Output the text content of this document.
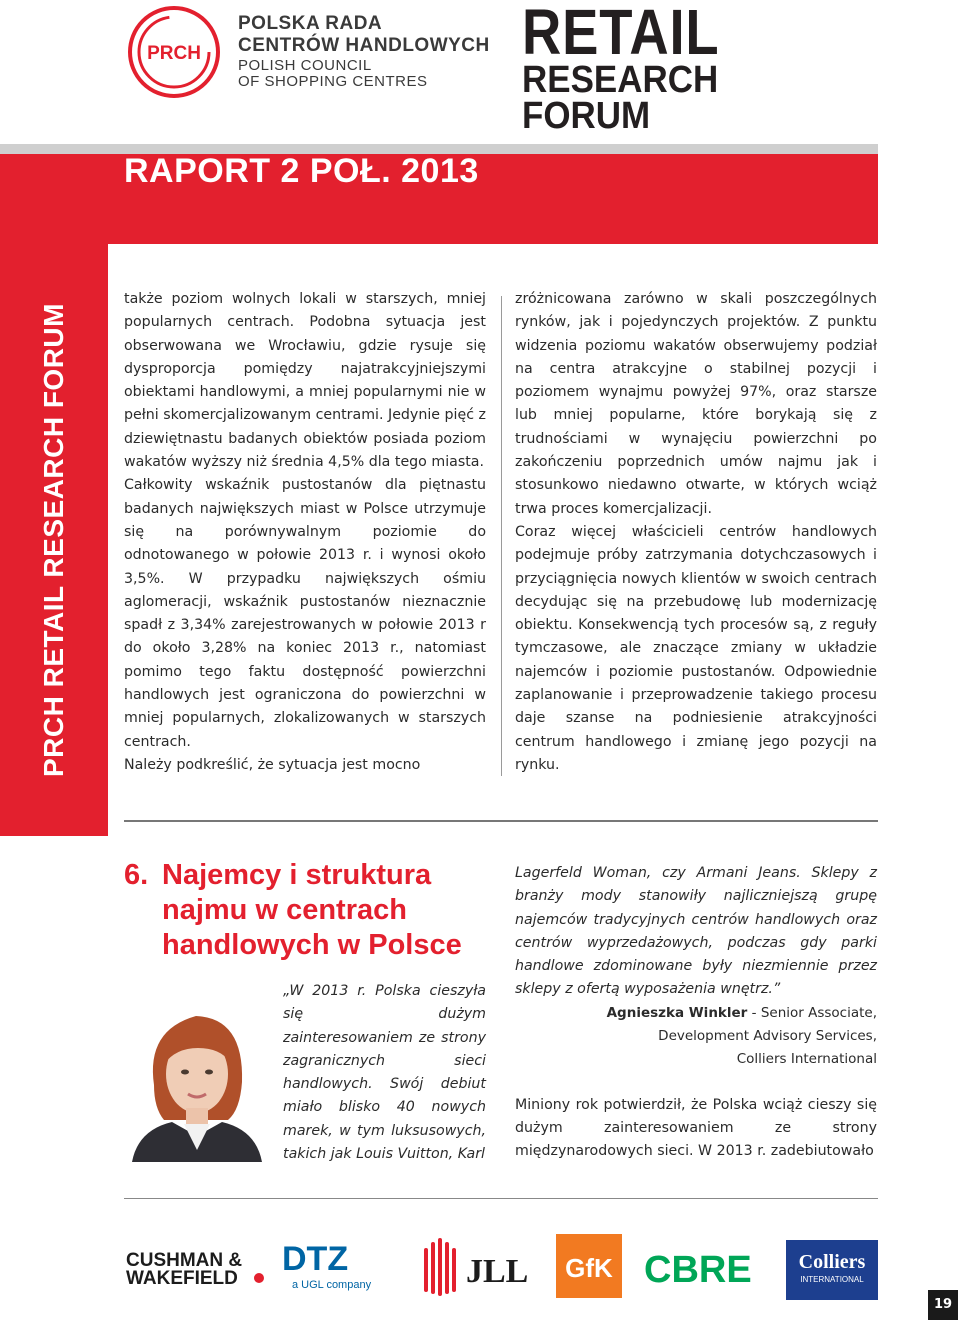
PRCH
POLSKA RADA
CENTRÓW HANDLOWYCH
POLISH COUNCIL
OF SHOPPING CENTRES
RETAIL
RESEARCH FORUM
RAPORT 2 POŁ. 2013
PRCH RETAIL RESEARCH FORUM

także poziom wolnych lokali w starszych, mniej popularnych centrach. Podobna sytuacja jest obserwowana we Wrocławiu, gdzie rysuje się dysproporcja pomiędzy najatrakcyjniejszymi obiektami handlowymi, a mniej popularnymi nie w pełni skomercjalizowanym centrami. Jedynie pięć z dziewiętnastu badanych obiektów posiada poziom wakatów wyższy niż średnia 4,5% dla tego miasta.

Całkowity wskaźnik pustostanów dla piętnastu badanych największych miast w Polsce utrzymuje się na porównywalnym poziomie do odnotowanego w połowie 2013 r. i wynosi około 3,5%. W przypadku największych ośmiu aglomeracji, wskaźnik pustostanów nieznacznie spadł z 3,34% zarejestrowanych w połowie 2013 r do około 3,28% na koniec 2013 r., natomiast pomimo tego faktu dostępność powierzchni handlowych jest ograniczona do powierzchni w mniej popularnych, zlokalizowanych w starszych centrach.

Należy podkreślić, że sytuacja jest mocno

zróżnicowana zarówno w skali poszczególnych rynków, jak i pojedynczych projektów. Z punktu widzenia poziomu wakatów obserwujemy podział na centra atrakcyjne o stabilnej pozycji i poziomem wynajmu powyżej 97%, oraz starsze lub mniej popularne, które borykają się z trudnościami w wynajęciu powierzchni po zakończeniu poprzednich umów najmu jak i stosunkowo niedawno otwarte, w których wciąż trwa proces komercjalizacji.

Coraz więcej właścicieli centrów handlowych podejmuje próby zatrzymania dotychczasowych i przyciągnięcia nowych klientów w swoich centrach decydując się na przebudowę lub modernizację obiektu. Konsekwencją tych procesów są, z reguły tymczasowe, ale znaczące zmiany w układzie najemców i poziomie pustostanów. Odpowiednie zaplanowanie i przeprowadzenie takiego procesu daje szanse na podniesienie atrakcyjności centrum handlowego i zmianę jego pozycji na rynku.

6. Najemcy i struktura
najmu w centrach
handlowych w Polsce
„W 2013 r. Polska cieszyła się dużym zainteresowaniem ze strony zagranicznych sieci handlowych. Swój debiut miało blisko 40 nowych marek, w tym luksusowych, takich jak Louis Vuitton, Karl
Lagerfeld Woman, czy Armani Jeans. Sklepy z branży mody stanowiły najliczniejszą grupę najemców tradycyjnych centrów handlowych oraz centrów wyprzedażowych, podczas gdy parki handlowe zdominowane były niezmiennie przez sklepy z ofertą wyposażenia wnętrz.”
Agnieszka Winkler - Senior Associate,
Development Advisory Services,
Colliers International

Miniony rok potwierdził, że Polska wciąż cieszy się dużym zainteresowaniem ze strony międzynarodowych sieci. W 2013 r. zadebiutowało

CUSHMAN &
WAKEFIELD
DTZ
a UGL company	JLL GfK CBRE Colliers
INTERNATIONAL
19
